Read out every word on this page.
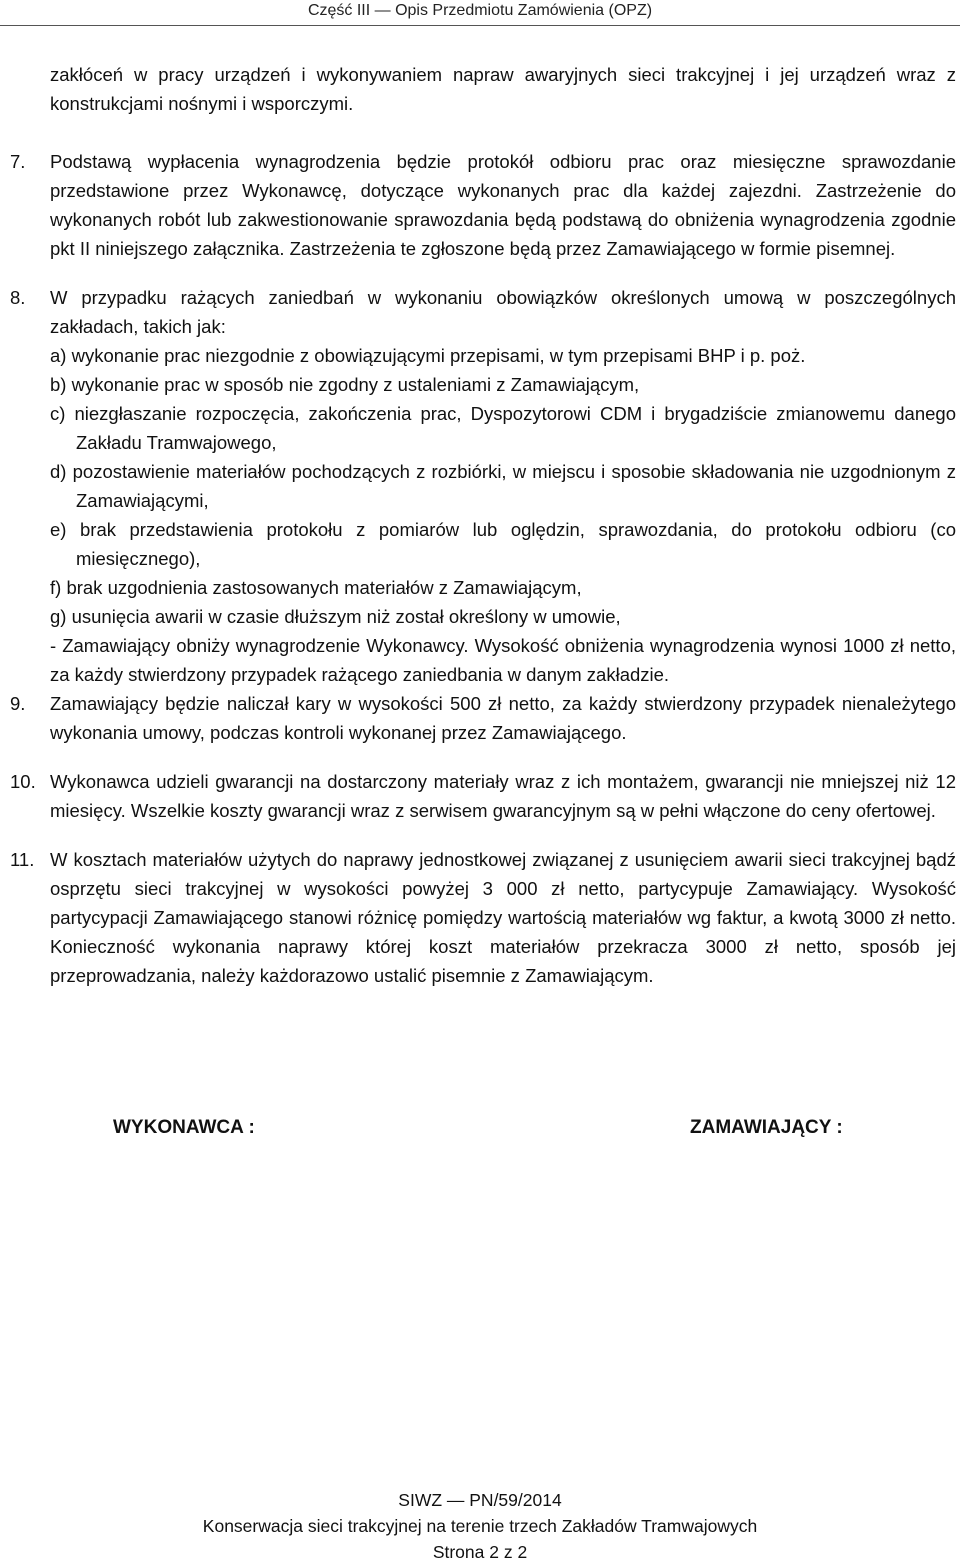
Część III — Opis Przedmiotu Zamówienia (OPZ)

zakłóceń w pracy urządzeń i wykonywaniem napraw awaryjnych sieci trakcyjnej i jej urządzeń wraz z konstrukcjami nośnymi i wsporczymi.

7. Podstawą wypłacenia wynagrodzenia będzie protokół odbioru prac oraz miesięczne sprawozdanie przedstawione przez Wykonawcę, dotyczące wykonanych prac dla każdej zajezdni. Zastrzeżenie do wykonanych robót lub zakwestionowanie sprawozdania będą podstawą do obniżenia wynagrodzenia zgodnie pkt II niniejszego załącznika. Zastrzeżenia te zgłoszone będą przez Zamawiającego w formie pisemnej.
8. W przypadku rażących zaniedbań w wykonaniu obowiązków określonych umową w poszczególnych zakładach, takich jak:
a) wykonanie prac niezgodnie z obowiązującymi przepisami, w tym przepisami BHP i p. poż.
b) wykonanie prac w sposób nie zgodny z ustaleniami z Zamawiającym,
c) niezgłaszanie rozpoczęcia, zakończenia prac, Dyspozytorowi CDM i brygadziście zmianowemu danego Zakładu Tramwajowego,
d) pozostawienie materiałów pochodzących z rozbiórki, w miejscu i sposobie składowania nie uzgodnionym z Zamawiającymi,
e) brak przedstawienia protokołu z pomiarów lub oględzin, sprawozdania, do protokołu odbioru (co miesięcznego),
f) brak uzgodnienia zastosowanych materiałów z Zamawiającym,
g) usunięcia awarii w czasie dłuższym niż został określony w umowie,
- Zamawiający obniży wynagrodzenie Wykonawcy. Wysokość obniżenia wynagrodzenia wynosi 1000 zł netto, za każdy stwierdzony przypadek rażącego zaniedbania w danym zakładzie.
9. Zamawiający będzie naliczał kary w wysokości 500 zł netto, za każdy stwierdzony przypadek nienależytego wykonania umowy, podczas kontroli wykonanej przez Zamawiającego.
10. Wykonawca udzieli gwarancji na dostarczony materiały wraz z ich montażem, gwarancji nie mniejszej niż 12 miesięcy. Wszelkie koszty gwarancji wraz z serwisem gwarancyjnym są w pełni włączone do ceny ofertowej.
11. W kosztach materiałów użytych do naprawy jednostkowej związanej z usunięciem awarii sieci trakcyjnej bądź osprzętu sieci trakcyjnej w wysokości powyżej 3 000 zł netto, partycypuje Zamawiający. Wysokość partycypacji Zamawiającego stanowi różnicę pomiędzy wartością materiałów wg faktur, a kwotą 3000 zł netto. Konieczność wykonania naprawy której koszt materiałów przekracza 3000 zł netto, sposób jej przeprowadzania, należy każdorazowo ustalić pisemnie z Zamawiającym.
WYKONAWCA :	ZAMAWIAJĄCY :
SIWZ — PN/59/2014
Konserwacja sieci trakcyjnej na terenie trzech Zakładów Tramwajowych
Strona 2 z 2
